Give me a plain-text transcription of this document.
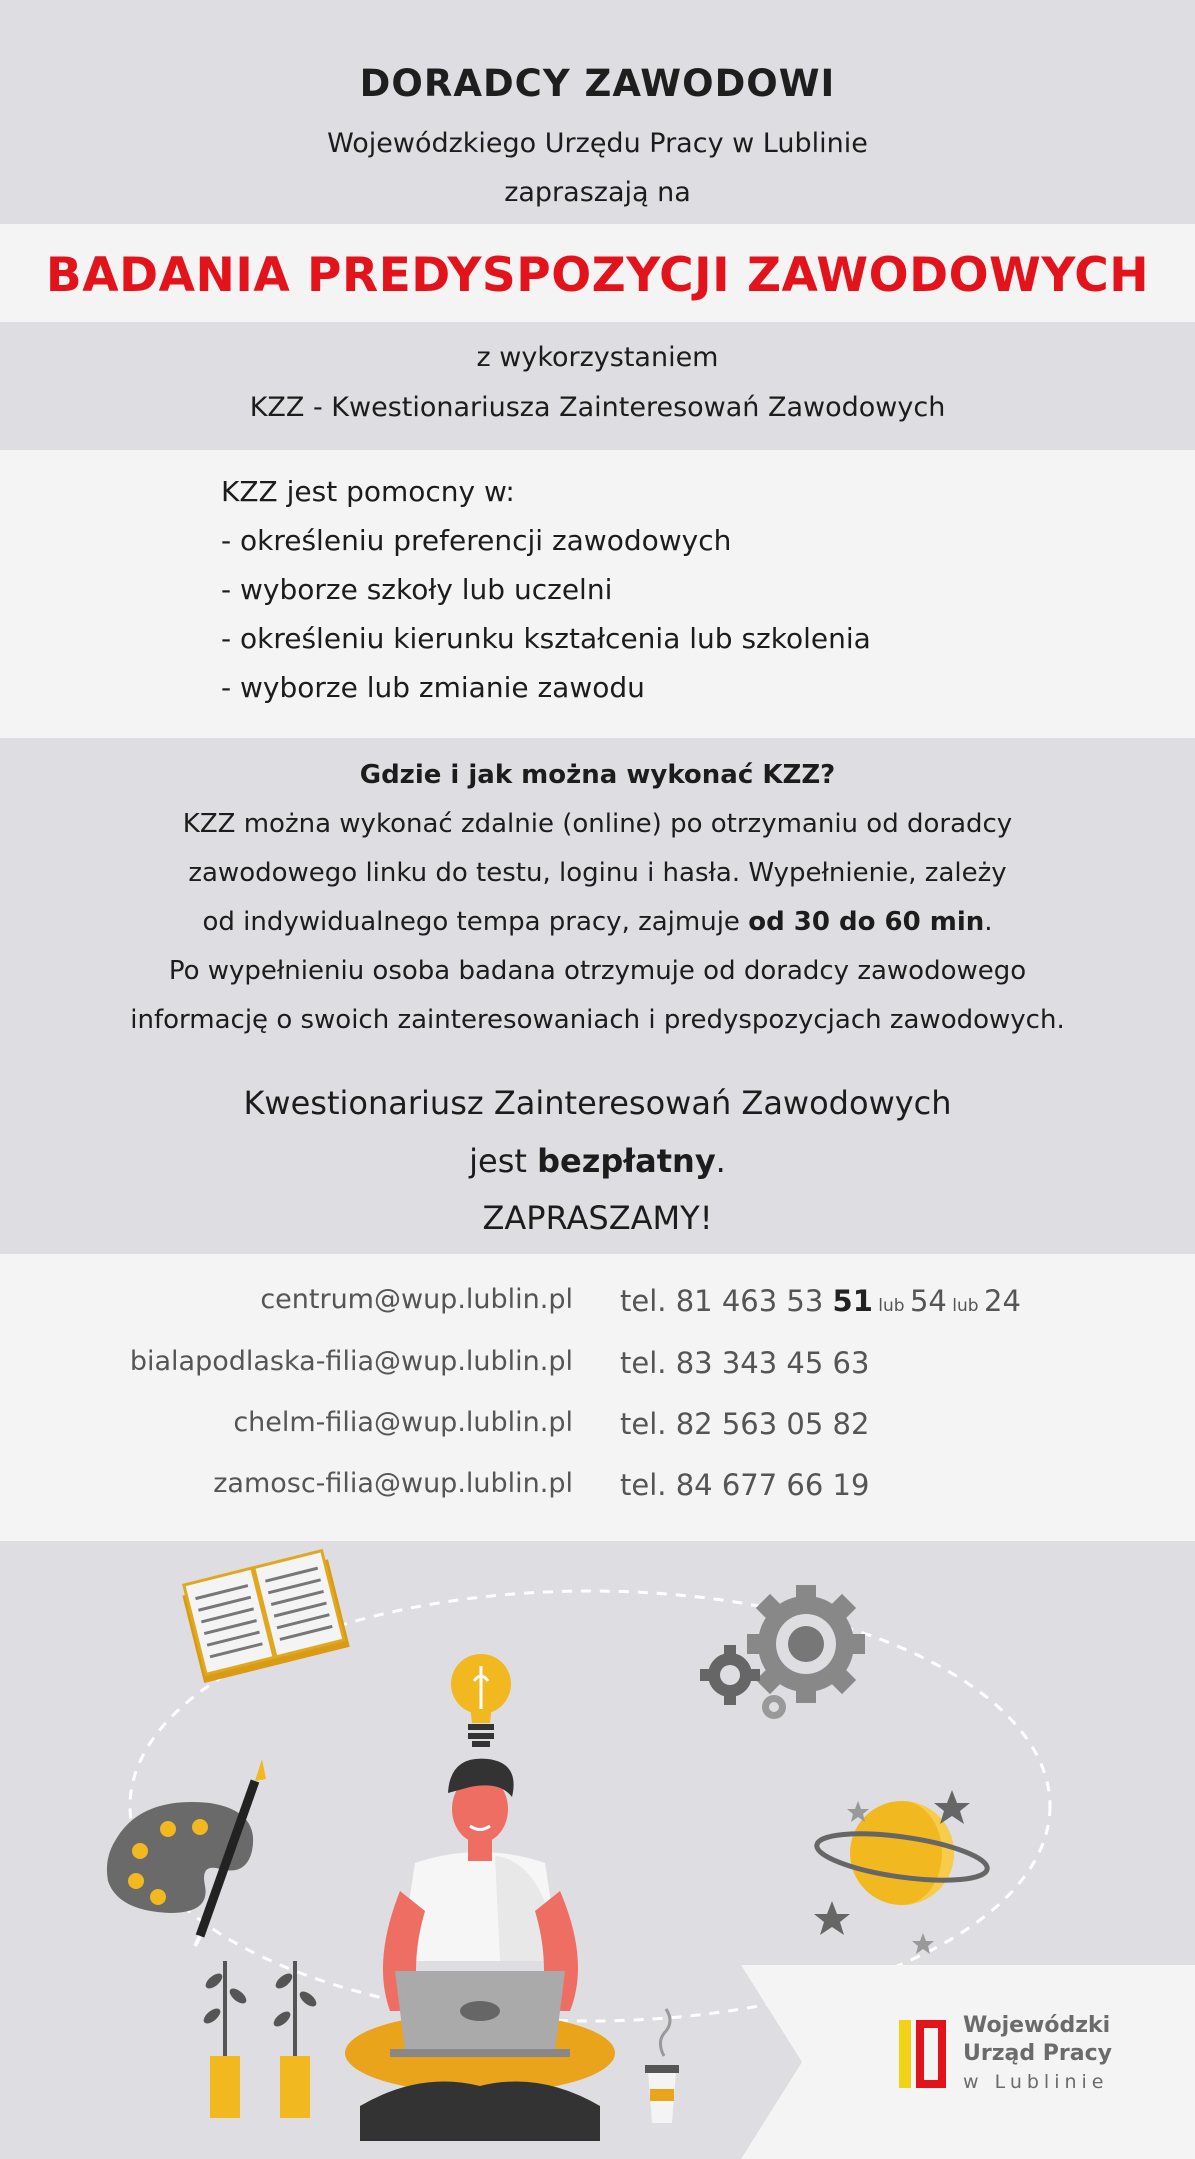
DORADCY ZAWODOWI
Wojewódzkiego Urzędu Pracy w Lublinie
zapraszają na
BADANIA PREDYSPOZYCJI ZAWODOWYCH
z wykorzystaniem
KZZ - Kwestionariusza Zainteresowań Zawodowych
KZZ jest pomocny w:
- określeniu preferencji zawodowych
- wyborze szkoły lub uczelni
- określeniu kierunku kształcenia lub szkolenia
- wyborze lub zmianie zawodu
Gdzie i jak można wykonać KZZ?
KZZ można wykonać zdalnie (online) po otrzymaniu od doradcy
zawodowego linku do testu, loginu i hasła. Wypełnienie, zależy
od indywidualnego tempa pracy, zajmuje od 30 do 60 min.
Po wypełnieniu osoba badana otrzymuje od doradcy zawodowego
informację o swoich zainteresowaniach i predyspozycjach zawodowych.
Kwestionariusz Zainteresowań Zawodowych
jest bezpłatny.
ZAPRASZAMY!
centrum@wup.lublin.pl tel. 81 463 53 51 lub 54 lub 24
bialapodlaska-filia@wup.lublin.pl tel. 83 343 45 63
chelm-filia@wup.lublin.pl tel. 82 563 05 82
zamosc-filia@wup.lublin.pl tel. 84 677 66 19
Wojewódzki
Urząd Pracy
w Lublinie
